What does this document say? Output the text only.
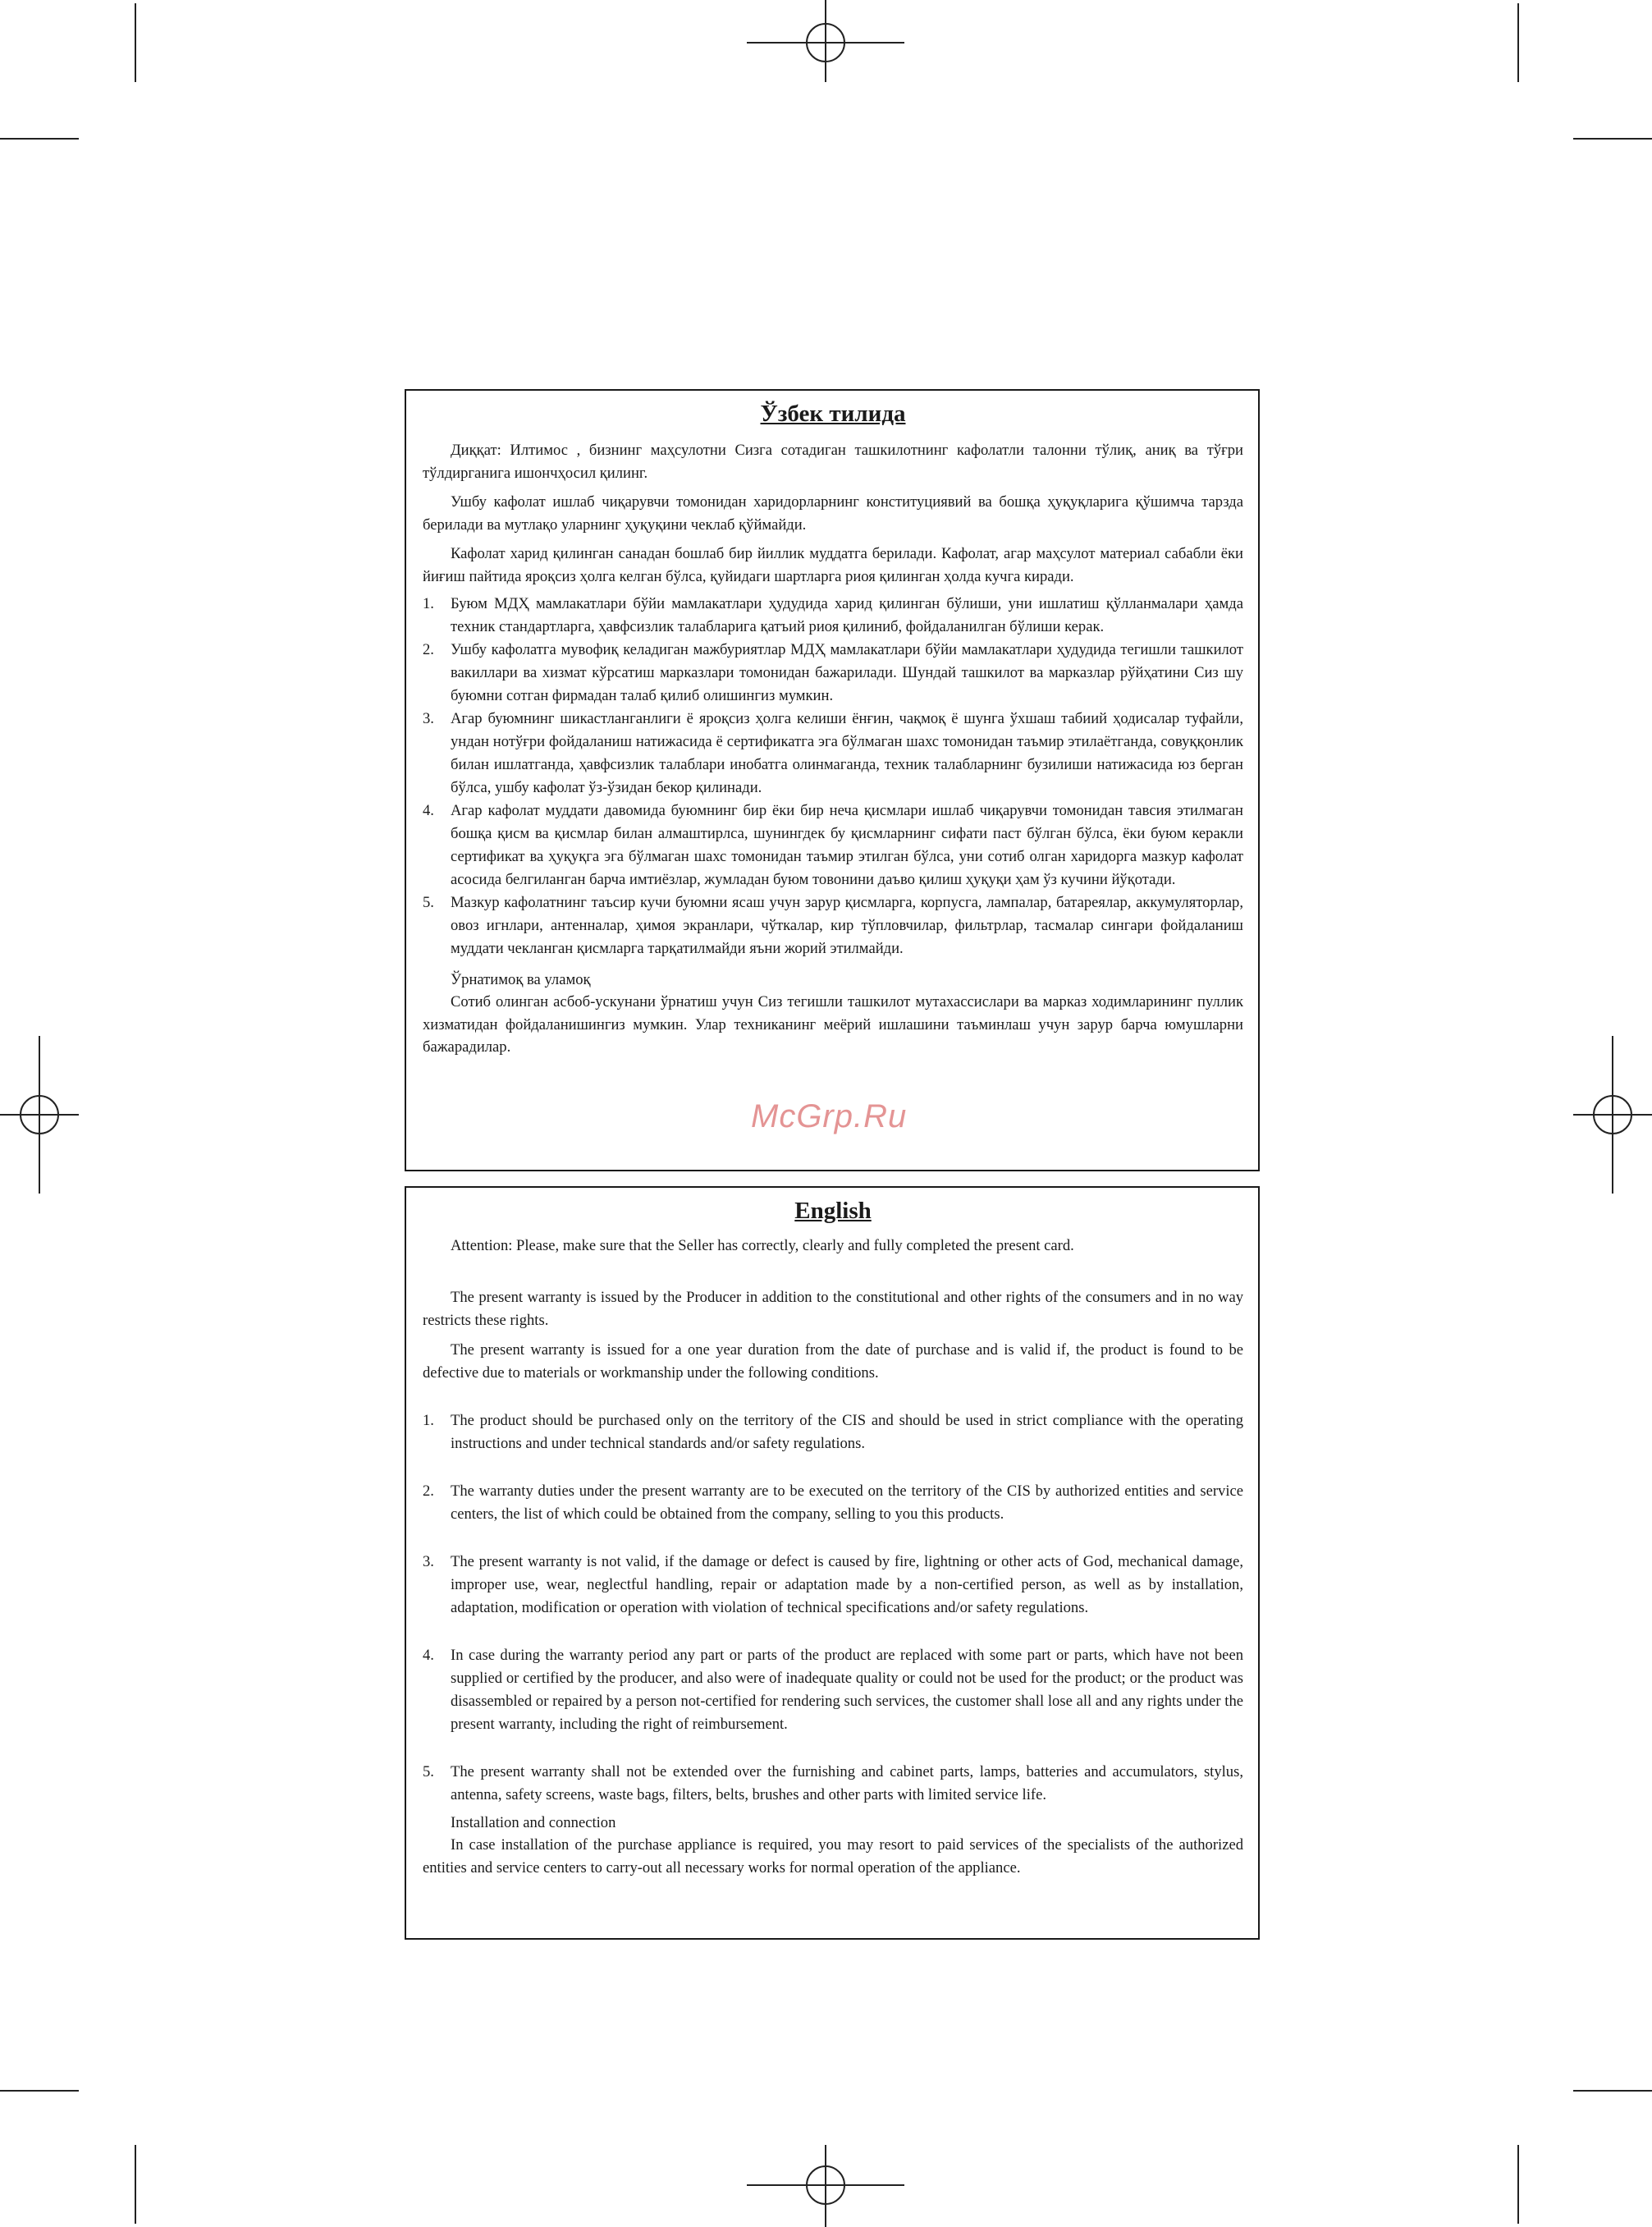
Ўзбек тилида

Диққат: Илтимос , бизнинг маҳсулотни Сизга сотадиган ташкилотнинг кафолатли талонни тўлиқ, аниқ ва тўғри тўлдирганига ишончҳосил қилинг.

Ушбу кафолат ишлаб чиқарувчи томонидан харидорларнинг конституциявий ва бошқа ҳуқуқларига қўшимча тарзда берилади ва мутлақо уларнинг ҳуқуқини чеклаб қўймайди.

Кафолат харид қилинган санадан бошлаб бир йиллик муддатга берилади. Кафолат, агар маҳсулот материал сабабли ёки йиғиш пайтида яроқсиз ҳолга келган бўлса, қуйидаги шартларга риоя қилинган ҳолда кучга киради.

1. Буюм МДҲ мамлакатлари бўйи мамлакатлари ҳудудида харид қилинган бўлиши, уни ишлатиш қўлланмалари ҳамда техник стандартларга, ҳавфсизлик талабларига қатъий риоя қилиниб, фойдаланилган бўлиши керак.
2. Ушбу кафолатга мувофиқ келадиган мажбуриятлар МДҲ мамлакатлари бўйи мамлакатлари ҳудудида тегишли ташкилот вакиллари ва хизмат кўрсатиш марказлари томонидан бажарилади. Шундай ташкилот ва марказлар рўйҳатини Сиз шу буюмни сотган фирмадан талаб қилиб олишингиз мумкин.
3. Агар буюмнинг шикастланганлиги ё яроқсиз ҳолга келиши ёнғин, чақмоқ ё шунга ўхшаш табиий ҳодисалар туфайли, ундан нотўғри фойдаланиш натижасида ё сертификатга эга бўлмаган шахс томонидан таъмир этилаётганда, совуққонлик билан ишлатганда, ҳавфсизлик талаблари инобатга олинмаганда, техник талабларнинг бузилиши натижасида юз берган бўлса, ушбу кафолат ўз-ўзидан бекор қилинади.
4. Агар кафолат муддати давомида буюмнинг бир ёки бир неча қисмлари ишлаб чиқарувчи томонидан тавсия этилмаган бошқа қисм ва қисмлар билан алмаштирлса, шунингдек бу қисмларнинг сифати паст бўлган бўлса, ёки буюм керакли сертификат ва ҳуқуқга эга бўлмаган шахс томонидан таъмир этилган бўлса, уни сотиб олган харидорга мазкур кафолат асосида белгиланган барча имтиёзлар, жумладан буюм товонини даъво қилиш ҳуқуқи ҳам ўз кучини йўқотади.
5. Мазкур кафолатнинг таъсир кучи буюмни ясаш учун зарур қисмларга, корпусга, лампалар, батареялар, аккумуляторлар, овоз игнлари, антенналар, ҳимоя экранлари, чўткалар, кир тўпловчилар, фильтрлар, тасмалар сингари фойдаланиш муддати чекланган қисмларга тарқатилмайди яъни жорий этилмайди.
Ўрнатимоқ ва уламоқ

Сотиб олинган асбоб-ускунани ўрнатиш учун Сиз тегишли ташкилот мутахассислари ва марказ ходимларининг пуллик хизматидан фойдаланишингиз мумкин. Улар техниканинг меёрий ишлашини таъминлаш учун зарур барча юмушларни бажарадилар.

English

Attention: Please, make sure that the Seller has correctly, clearly and fully completed the present card.

The present warranty is issued by the Producer in addition to the constitutional and other rights of the consumers and in no way restricts these rights.

The present warranty is issued for a one year duration from the date of purchase and is valid if, the product is found to be defective due to materials or workmanship under the following conditions.

1. The product should be purchased only on the territory of the CIS and should be used in strict compliance with the operating instructions and under technical standards and/or safety regulations.
2. The warranty duties under the present warranty are to be executed on the territory of the CIS by authorized entities and service centers, the list of which could be obtained from the company, selling to you this products.
3. The present warranty is not valid, if the damage or defect is caused by fire, lightning or other acts of God, mechanical damage, improper use, wear, neglectful handling, repair or adaptation made by a non-certified person, as well as by installation, adaptation, modification or operation with violation of technical specifications and/or safety regulations.
4. In case during the warranty period any part or parts of the product are replaced with some part or parts, which have not been supplied or certified by the producer, and also were of inadequate quality or could not be used for the product; or the product was disassembled or repaired by a person not-certified for rendering such services, the customer shall lose all and any rights under the present warranty, including the right of reimbursement.
5. The present warranty shall not be extended over the furnishing and cabinet parts, lamps, batteries and accumulators, stylus, antenna, safety screens, waste bags, filters, belts, brushes and other parts with limited service life.
Installation and connection

In case installation of the purchase appliance is required, you may resort to paid services of the specialists of the authorized entities and service centers to carry-out all necessary works for normal operation of the appliance.

McGrp.Ru
